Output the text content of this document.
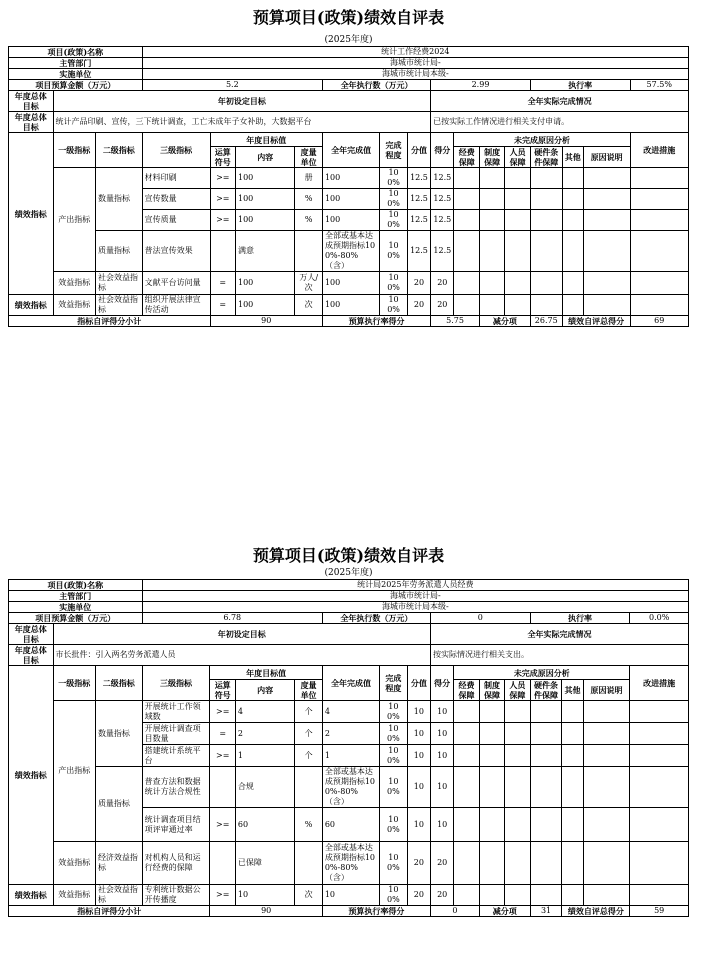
预算项目(政策)绩效自评表
(2025年度)
项目(政策)名称			统计工作经费2024														
主管部门			海城市统计局-														
实施单位			海城市统计局本级-														
项目预算金额（万元）			5.2				全年执行数（万元）			2.99				执行率			57.5%
年度总体目标	年初设定目标									全年实际完成情况							
年度总体目标	统计产品印刷、宣传，三下统计调查，工亡未成年子女补助，大数据平台									已按实际工作情况进行相关支付申请。							
绩效指标	一级指标	二级指标	三级指标	年度目标值			全年完成值	完成程度	分值	得分	未完成原因分析						改进措施
				运算符号	内容	度量单位					经费保障	制度保障	人员保障	硬件条件保障	其他	原因说明	
	产出指标	数量指标	材料印刷	>=	100	册	100	100%	12.5	12.5							
			宣传数量	>=	100	%	100	100%	12.5	12.5							
			宣传质量	>=	100	%	100	100%	12.5	12.5							
		质量指标	普法宣传效果		满意		全部或基本达成预期指标100%-80%（含）	100%	12.5	12.5							
	效益指标	社会效益指标	文献平台访问量	=	100	万人/次	100	100%	20	20							
绩效指标	效益指标	社会效益指标	组织开展法律宣传活动	=	100	次	100	100%	20	20							
指标自评得分小计				90			预算执行率得分			5.75		减分项		26.75	绩效自评总得分		69
预算项目(政策)绩效自评表
(2025年度)
项目(政策)名称			统计局2025年劳务派遣人员经费														
主管部门			海城市统计局-														
实施单位			海城市统计局本级-														
项目预算金额（万元）			6.78				全年执行数（万元）			0				执行率			0.0%
年度总体目标	年初设定目标									全年实际完成情况							
年度总体目标	市长批件：引入两名劳务派遣人员									按实际情况进行相关支出。							
绩效指标	一级指标	二级指标	三级指标	年度目标值			全年完成值	完成程度	分值	得分	未完成原因分析						改进措施
				运算符号	内容	度量单位					经费保障	制度保障	人员保障	硬件条件保障	其他	原因说明	
	产出指标	数量指标	开展统计工作领域数	>=	4	个	4	100%	10	10							
			开展统计调查项目数量	=	2	个	2	100%	10	10							
			搭建统计系统平台	>=	1	个	1	100%	10	10							
		质量指标	普查方法和数据统计方法合规性		合规		全部或基本达成预期指标100%-80%（含）	100%	10	10							
			统计调查项目结项评审通过率	>=	60	%	60	100%	10	10							
	效益指标	经济效益指标	对机构人员和运行经费的保障		已保障		全部或基本达成预期指标100%-80%（含）	100%	20	20							
绩效指标	效益指标	社会效益指标	专利统计数据公开传播度	>=	10	次	10	100%	20	20							
指标自评得分小计				90			预算执行率得分			0		减分项		31	绩效自评总得分		59
